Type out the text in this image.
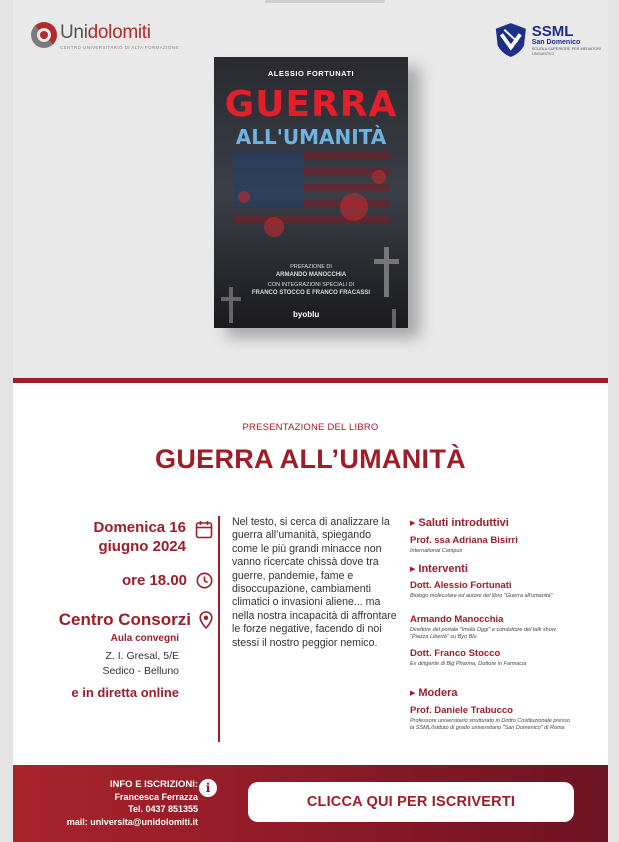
Unidolomiti
CENTRO UNIVERSITARIO DI ALTA FORMAZIONE
SSML
San Domenico
SCUOLA SUPERIORE PER MEDIATORI LINGUISTICI
ALESSIO FORTUNATI
GUERRA
ALL'UMANITÀ
PREFAZIONE DI
ARMANDO MANOCCHIA
CON INTEGRAZIONI SPECIALI DI
FRANCO STOCCO E FRANCO FRACASSI
byoblu
PRESENTAZIONE DEL LIBRO
GUERRA ALL’UMANITÀ
Domenica 16
giugno 2024
ore 18.00
Centro Consorzi
Aula convegni
Z. I. Gresal, 5/E
Sedico - Belluno
e in diretta online
Nel testo, si cerca di analizzare la guerra all’umanità, spiegando come le più grandi minacce non vanno ricercate chissà dove tra guerre, pandemie, fame e disoccupazione, cambiamenti climatici o invasioni aliene... ma nella nostra incapacità di affrontare le forze negative, facendo di noi stessi il nostro peggior nemico.
▶ Saluti introduttivi
Prof. ssa Adriana Bisirri
International Campus
▶ Interventi
Dott. Alessio Fortunati
Biologo molecolare ed autore del libro "Guerra all'umanità"
Armando Manocchia
Direttore del portale "Imola Oggi" e conduttore del talk show "Piazza Libertà" su Byo Blu
Dott. Franco Stocco
Ex dirigente di Big Pharma, Dottore in Farmacia
▶ Modera
Prof. Daniele Trabucco
Professore universitario strutturato in Diritto Costituzionale presso la SSML/Istituto di grado universitario "San Domenico" di Roma
INFO E ISCRIZIONI:
Francesca Ferrazza
Tel. 0437 851355
mail: universita@unidolomiti.it
i
CLICCA QUI PER ISCRIVERTI
